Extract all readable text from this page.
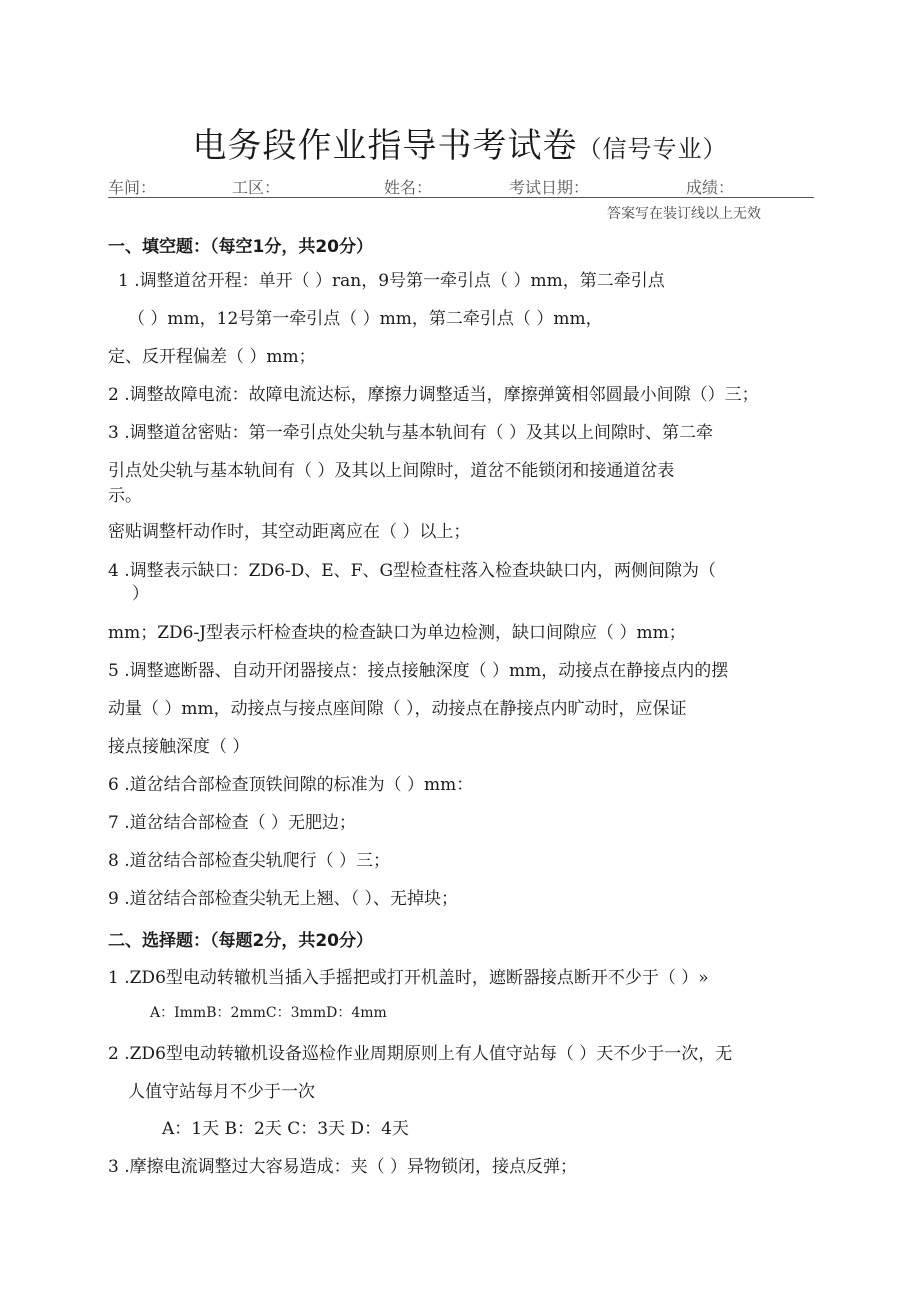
电务段作业指导书考试卷（信号专业）
车间：	工区：	姓名：	考试日期：	成绩：
答案写在装订线以上无效
一、填空题：（每空1分，共20分）
1 .调整道岔开程：单开（ ）ran，9号第一牵引点（ ）mm，第二牵引点
（ ）mm，12号第一牵引点（ ）mm，第二牵引点（ ）mm，
定、反开程偏差（ ）mm；
2 .调整故障电流：故障电流达标，摩擦力调整适当，摩擦弹簧相邻圆最小间隙（）三；
3 .调整道岔密贴：第一牵引点处尖轨与基本轨间有（ ）及其以上间隙时、第二牵
引点处尖轨与基本轨间有（ ）及其以上间隙时，道岔不能锁闭和接通道岔表
示。
密贴调整杆动作时，其空动距离应在（ ）以上；
4 .调整表示缺口：ZD6-D、E、F、G型检查柱落入检查块缺口内，两侧间隙为（
）
mm；ZD6-J型表示杆检查块的检查缺口为单边检测，缺口间隙应（ ）mm；
5 .调整遮断器、自动开闭器接点：接点接触深度（ ）mm，动接点在静接点内的摆
动量（ ）mm，动接点与接点座间隙（ ），动接点在静接点内旷动时，应保证
接点接触深度（ ）
6 .道岔结合部检查顶铁间隙的标准为（ ）mm：
7 .道岔结合部检查（ ）无肥边；
8 .道岔结合部检查尖轨爬行（ ）三；
9 .道岔结合部检查尖轨无上翘、（ ）、无掉块；
二、选择题：（每题2分，共20分）
1 .ZD6型电动转辙机当插入手摇把或打开机盖时，遮断器接点断开不少于（ ）»
A：ImmB：2mmC：3mmD：4mm
2 .ZD6型电动转辙机设备巡检作业周期原则上有人值守站每（ ）天不少于一次，无
人值守站每月不少于一次
A：1天 B：2天 C：3天 D：4天
3 .摩擦电流调整过大容易造成：夹（ ）异物锁闭，接点反弹；
